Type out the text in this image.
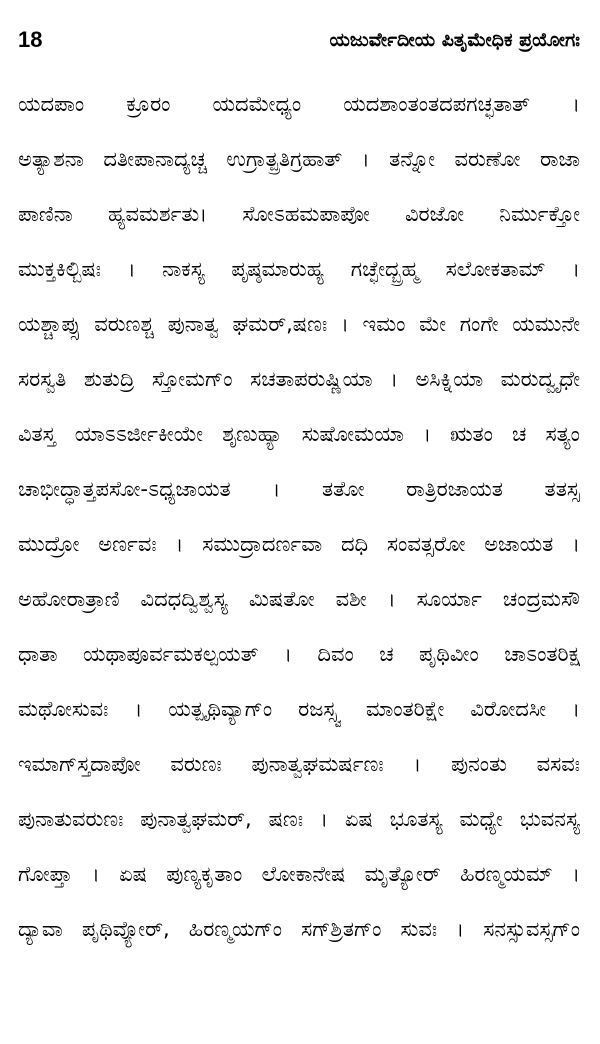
18	ಯಜುರ್ವೇದೀಯ ಪಿತೃಮೇಧಿಕ ಪ್ರಯೋಗಃ
ಯದಪಾಂ ಕ್ರೂರಂ ಯದಮೇಧ್ಯಂ ಯದಶಾಂತಂತದಪಗಚ್ಛತಾತ್ ।
ಅತ್ಯಾಶನಾ ದತೀಪಾನಾದ್ಯಚ್ಚ ಉಗ್ರಾತ್ಪ್ರತಿಗ್ರಹಾತ್ । ತನ್ನೋ ವರುಣೋ ರಾಜಾ
ಪಾಣಿನಾ ಹ್ಯವಮರ್ಶತು। ಸೋಽಹಮಪಾಪೋ ವಿರಜೋ ನಿರ್ಮುಕ್ತೋ
ಮುಕ್ತಕಿಲ್ಬಿಷಃ । ನಾಕಸ್ಯ ಪೃಷ್ಠಮಾರುಹ್ಯ ಗಚ್ಛೇದ್ಬ್ರಹ್ಮ ಸಲೋಕತಾಮ್ ।
ಯಶ್ಚಾಪ್ಸು ವರುಣಶ್ಚ ಪುನಾತ್ವ ಘಮರ್,ಷಣಃ । ಇಮಂ ಮೇ ಗಂಗೇ ಯಮುನೇ
ಸರಸ್ವತಿ ಶುತುದ್ರಿ ಸ್ತೋಮಗ್‌ಂ ಸಚತಾಪರುಷ್ಣಿಯಾ । ಅಸಿಕ್ನಿಯಾ ಮರುದ್ವೃಧೇ
ವಿತಸ್ತ ಯಾಽಽರ್ಜೀಕೀಯೇ ಶೃಣುಹ್ಯಾ ಸುಷೋಮಯಾ । ಋತಂ ಚ ಸತ್ಯಂ
ಚಾಭೀದ್ಧಾತ್ತಪಸೋ-ಽಧ್ಯಜಾಯತ । ತತೋ ರಾತ್ರಿರಜಾಯತ ತತಸ್ಸ
ಮುದ್ರೋ ಅರ್ಣವಃ । ಸಮುದ್ರಾದರ್ಣವಾ ದಧಿ ಸಂವತ್ಸರೋ ಅಜಾಯತ ।
ಅಹೋರಾತ್ರಾಣಿ ವಿದಧದ್ವಿಶ್ವಸ್ಯ ಮಿಷತೋ ವಶೀ । ಸೂರ್ಯಾ ಚಂದ್ರಮಸೌ
ಧಾತಾ ಯಥಾಪೂರ್ವಮಕಲ್ಪಯತ್ । ದಿವಂ ಚ ಪೃಥಿವೀಂ ಚಾಽಂತರಿಕ್ಷ
ಮಥೋಸುವಃ । ಯತ್ಪೃಥಿವ್ಯಾಗ್‌ಂ ರಜಸ್ಸ್ವ ಮಾಂತರಿಕ್ಷೇ ವಿರೋದಸೀ ।
ಇಮಾಗ್‌ಸ್ತದಾಪೋ ವರುಣಃ ಪುನಾತ್ವಘಮರ್ಷಣಃ । ಪುನಂತು ವಸವಃ
ಪುನಾತುವರುಣಃ ಪುನಾತ್ವಘಮರ್, ಷಣಃ । ಏಷ ಭೂತಸ್ಯ ಮಧ್ಯೇ ಭುವನಸ್ಯ
ಗೋಪ್ತಾ । ಏಷ ಪುಣ್ಯಕೃತಾಂ ಲೋಕಾನೇಷ ಮೃತ್ಯೋರ್ ಹಿರಣ್ಮಯಮ್ ।
ದ್ಯಾವಾ ಪೃಥಿವ್ಯೋರ್, ಹಿರಣ್ಮಯಗ್‌ಂ ಸಗ್‌ಶ್ರಿತಗ್‌ಂ ಸುವಃ । ಸನಸ್ಸುವಸ್ಸಗ್‌ಂ
